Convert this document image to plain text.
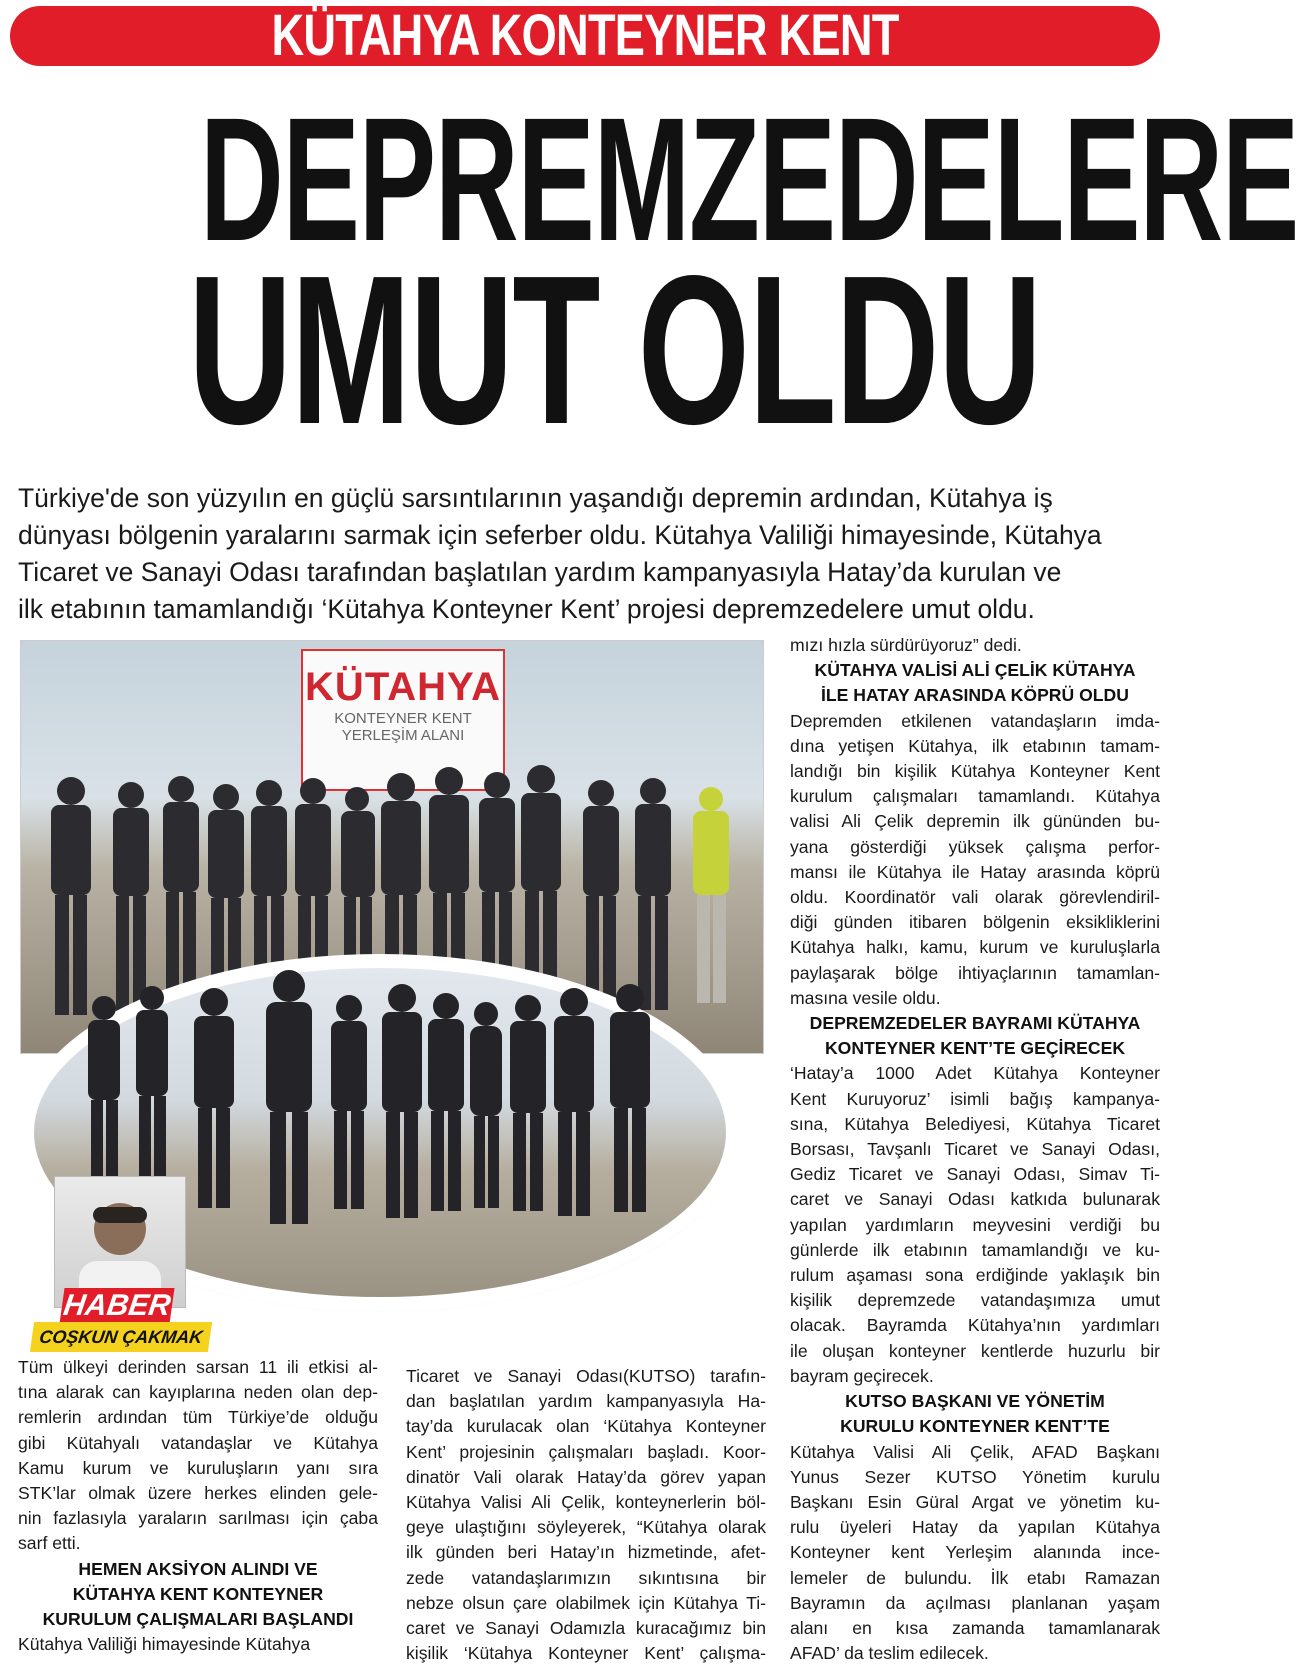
KÜTAHYA KONTEYNER KENT
DEPREMZEDELERE
UMUT OLDU

Türkiye'de son yüzyılın en güçlü sarsıntılarının yaşandığı depremin ardından, Kütahya iş

dünyası bölgenin yaralarını sarmak için seferber oldu. Kütahya Valiliği himayesinde, Kütahya

Ticaret ve Sanayi Odası tarafından başlatılan yardım kampanyasıyla Hatay’da kurulan ve

ilk etabının tamamlandığı ‘Kütahya Konteyner Kent’ projesi depremzedelere umut oldu.

KÜTAHYA
KONTEYNER KENT
YERLEŞİM ALANI
HABER
COŞKUN ÇAKMAK

Tüm ülkeyi derinden sarsan 11 ili etkisi al-

tına alarak can kayıplarına neden olan dep-

remlerin ardından tüm Türkiye’de olduğu

gibi Kütahyalı vatandaşlar ve Kütahya

Kamu kurum ve kuruluşların yanı sıra

STK’lar olmak üzere herkes elinden gele-

nin fazlasıyla yaraların sarılması için çaba

sarf etti.

HEMEN AKSİYON ALINDI VE
KÜTAHYA KENT KONTEYNER
KURULUM ÇALIŞMALARI BAŞLANDI

Kütahya Valiliği himayesinde Kütahya

Ticaret ve Sanayi Odası(KUTSO) tarafın-

dan başlatılan yardım kampanyasıyla Ha-

tay’da kurulacak olan ‘Kütahya Konteyner

Kent’ projesinin çalışmaları başladı. Koor-

dinatör Vali olarak Hatay’da görev yapan

Kütahya Valisi Ali Çelik, konteynerlerin böl-

geye ulaştığını söyleyerek, “Kütahya olarak

ilk günden beri Hatay’ın hizmetinde, afet-

zede vatandaşlarımızın sıkıntısına bir

nebze olsun çare olabilmek için Kütahya Ti-

caret ve Sanayi Odamızla kuracağımız bin

kişilik ‘Kütahya Konteyner Kent’ çalışma-

mızı hızla sürdürüyoruz” dedi.

KÜTAHYA VALİSİ ALİ ÇELİK KÜTAHYA
İLE HATAY ARASINDA KÖPRÜ OLDU

Depremden etkilenen vatandaşların imda-

dına yetişen Kütahya, ilk etabının tamam-

landığı bin kişilik Kütahya Konteyner Kent

kurulum çalışmaları tamamlandı. Kütahya

valisi Ali Çelik depremin ilk gününden bu-

yana gösterdiği yüksek çalışma perfor-

mansı ile Kütahya ile Hatay arasında köprü

oldu. Koordinatör vali olarak görevlendiril-

diği günden itibaren bölgenin eksikliklerini

Kütahya halkı, kamu, kurum ve kuruluşlarla

paylaşarak bölge ihtiyaçlarının tamamlan-

masına vesile oldu.

DEPREMZEDELER BAYRAMI KÜTAHYA
KONTEYNER KENT’TE GEÇİRECEK

‘Hatay’a 1000 Adet Kütahya Konteyner

Kent Kuruyoruz’ isimli bağış kampanya-

sına, Kütahya Belediyesi, Kütahya Ticaret

Borsası, Tavşanlı Ticaret ve Sanayi Odası,

Gediz Ticaret ve Sanayi Odası, Simav Ti-

caret ve Sanayi Odası katkıda bulunarak

yapılan yardımların meyvesini verdiği bu

günlerde ilk etabının tamamlandığı ve ku-

rulum aşaması sona erdiğinde yaklaşık bin

kişilik depremzede vatandaşımıza umut

olacak. Bayramda Kütahya’nın yardımları

ile oluşan konteyner kentlerde huzurlu bir

bayram geçirecek.

KUTSO BAŞKANI VE YÖNETİM
KURULU KONTEYNER KENT’TE

Kütahya Valisi Ali Çelik, AFAD Başkanı

Yunus Sezer KUTSO Yönetim kurulu

Başkanı Esin Güral Argat ve yönetim ku-

rulu üyeleri Hatay da yapılan Kütahya

Konteyner kent Yerleşim alanında ince-

lemeler de bulundu. İlk etabı Ramazan

Bayramın da açılması planlanan yaşam

alanı en kısa zamanda tamamlanarak

AFAD’ da teslim edilecek.
